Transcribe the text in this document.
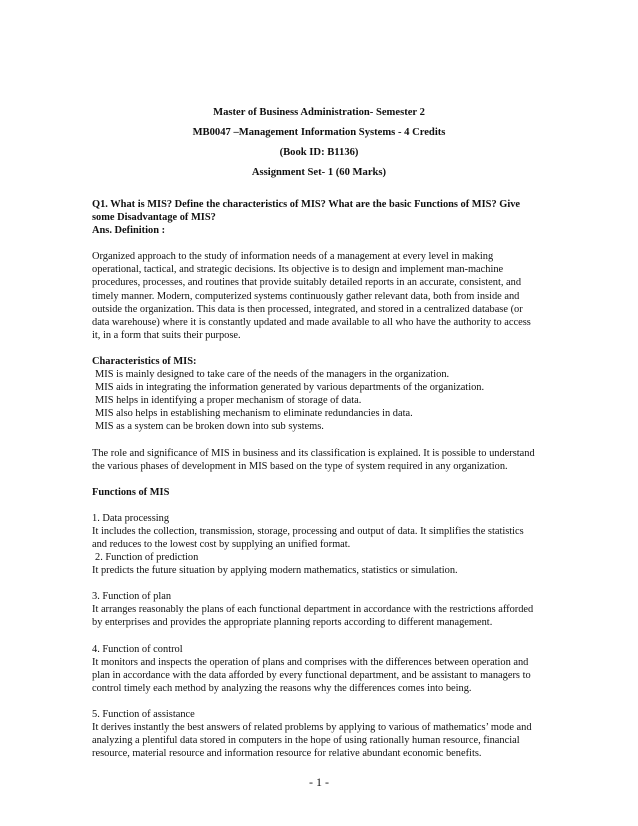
Master of Business Administration- Semester 2
MB0047 –Management Information Systems - 4 Credits
(Book ID: B1136)
Assignment Set- 1 (60 Marks)

Q1. What is MIS? Define the characteristics of MIS? What are the basic Functions of MIS? Give
some Disadvantage of MIS?
Ans. Definition :

Organized approach to the study of information needs of a management at every level in making
operational, tactical, and strategic decisions. Its objective is to design and implement man-machine
procedures, processes, and routines that provide suitably detailed reports in an accurate, consistent, and
timely manner. Modern, computerized systems continuously gather relevant data, both from inside and
outside the organization. This data is then processed, integrated, and stored in a centralized database (or
data warehouse) where it is constantly updated and made available to all who have the authority to access
it, in a form that suits their purpose.

Characteristics of MIS:
MIS is mainly designed to take care of the needs of the managers in the organization.
MIS aids in integrating the information generated by various departments of the organization.
MIS helps in identifying a proper mechanism of storage of data.
MIS also helps in establishing mechanism to eliminate redundancies in data.
MIS as a system can be broken down into sub systems.

The role and significance of MIS in business and its classification is explained. It is possible to understand
the various phases of development in MIS based on the type of system required in any organization.

Functions of MIS

1. Data processing
It includes the collection, transmission, storage, processing and output of data. It simplifies the statistics
and reduces to the lowest cost by supplying an unified format.
2. Function of prediction
It predicts the future situation by applying modern mathematics, statistics or simulation.

3. Function of plan
It arranges reasonably the plans of each functional department in accordance with the restrictions afforded
by enterprises and provides the appropriate planning reports according to different management.

4. Function of control
It monitors and inspects the operation of plans and comprises with the differences between operation and
plan in accordance with the data afforded by every functional department, and be assistant to managers to
control timely each method by analyzing the reasons why the differences comes into being.

5. Function of assistance
It derives instantly the best answers of related problems by applying to various of mathematics’ mode and
analyzing a plentiful data stored in computers in the hope of using rationally human resource, financial
resource, material resource and information resource for relative abundant economic benefits.

- 1 -
